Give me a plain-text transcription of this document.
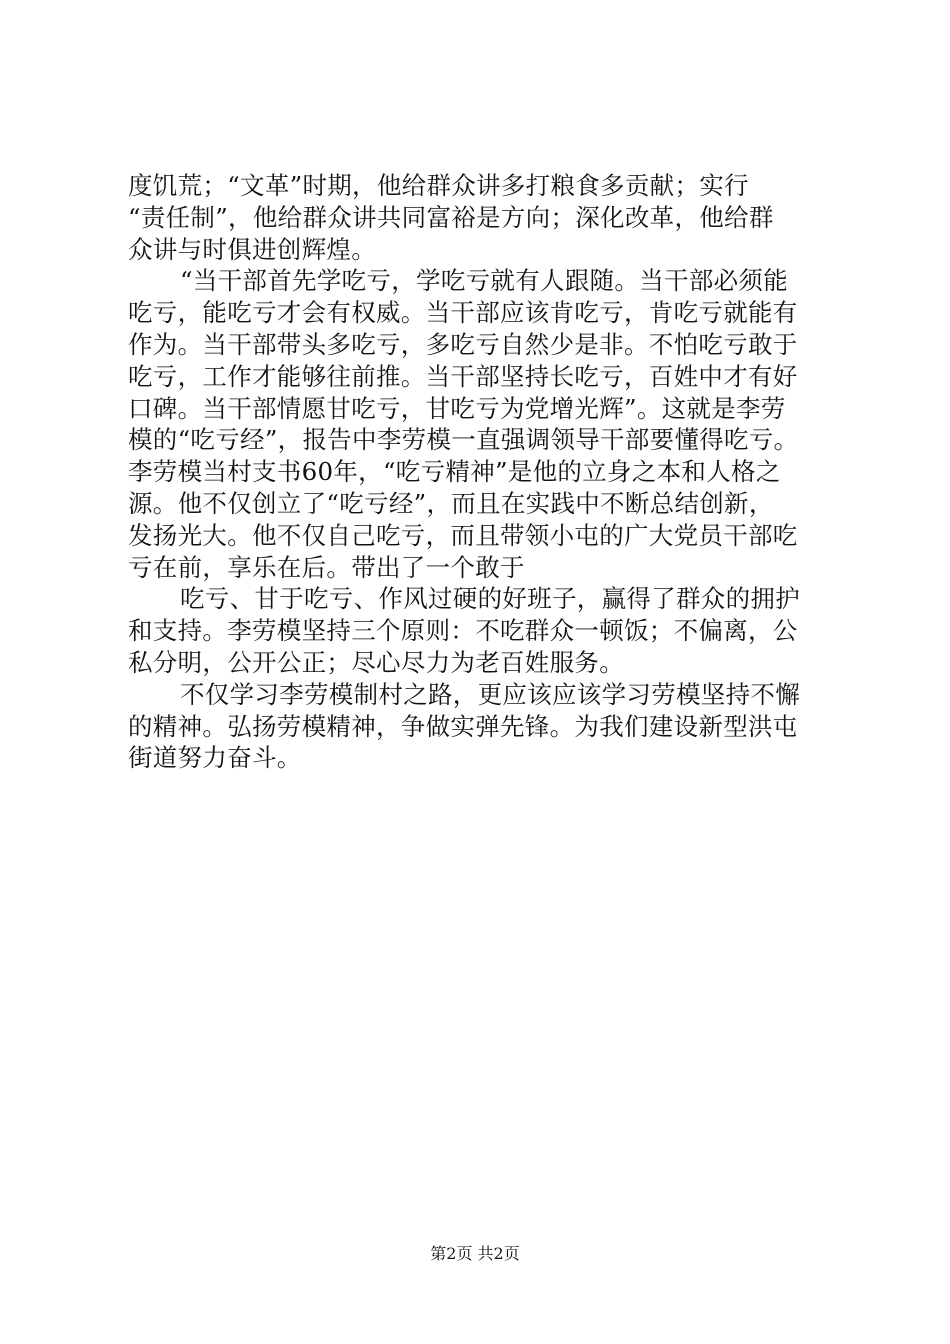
度饥荒；“文革”时期，他给群众讲多打粮食多贡献；实行
“责任制”，他给群众讲共同富裕是方向；深化改革，他给群
众讲与时俱进创辉煌。
“当干部首先学吃亏，学吃亏就有人跟随。当干部必须能
吃亏，能吃亏才会有权威。当干部应该肯吃亏，肯吃亏就能有
作为。当干部带头多吃亏，多吃亏自然少是非。不怕吃亏敢于
吃亏，工作才能够往前推。当干部坚持长吃亏，百姓中才有好
口碑。当干部情愿甘吃亏，甘吃亏为党增光辉”。这就是李劳
模的“吃亏经”，报告中李劳模一直强调领导干部要懂得吃亏。
李劳模当村支书60年，“吃亏精神”是他的立身之本和人格之
源。他不仅创立了“吃亏经”，而且在实践中不断总结创新，
发扬光大。他不仅自己吃亏，而且带领小屯的广大党员干部吃
亏在前，享乐在后。带出了一个敢于
吃亏、甘于吃亏、作风过硬的好班子，赢得了群众的拥护
和支持。李劳模坚持三个原则：不吃群众一顿饭；不偏离，公
私分明，公开公正；尽心尽力为老百姓服务。
不仅学习李劳模制村之路，更应该应该学习劳模坚持不懈
的精神。弘扬劳模精神，争做实弹先锋。为我们建设新型洪屯
街道努力奋斗。
第2页 共2页
